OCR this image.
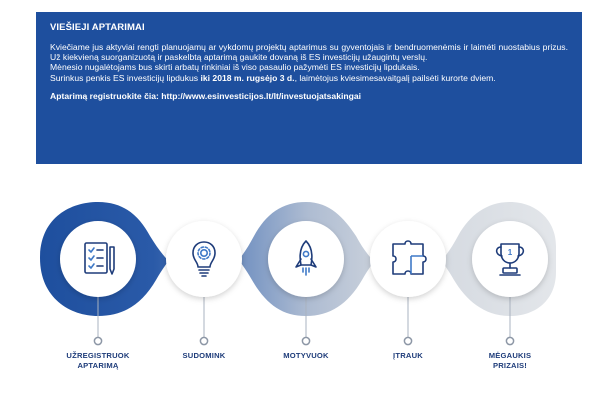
VIEŠIEJI APTARIMAI

Kviečiame jus aktyviai rengti planuojamų ar vykdomų projektų aptarimus su gyventojais ir bendruomenėmis ir laimėti nuostabius prizus. Už kiekvieną suorganizuotą ir paskelbtą aptarimą gaukite dovaną iš ES investicijų užaugintų verslų.

Mėnesio nugalėtojams bus skirti arbatų rinkiniai iš viso pasaulio pažymėti ES investicijų lipdukais.

Surinkus penkis ES investicijų lipdukus iki 2018 m. rugsėjo 3 d., laimėtojus kviesimesavaitgalį pailsėti kurorte dviem.

Aptarimą registruokite čia: http://www.esinvesticijos.lt/lt/investuojatsakingai
1
UŽREGISTRUOK
APTARIMĄ
SUDOMINK	MOTYVUOK	ĮTRAUK	MĖGAUKIS
PRIZAIS!
